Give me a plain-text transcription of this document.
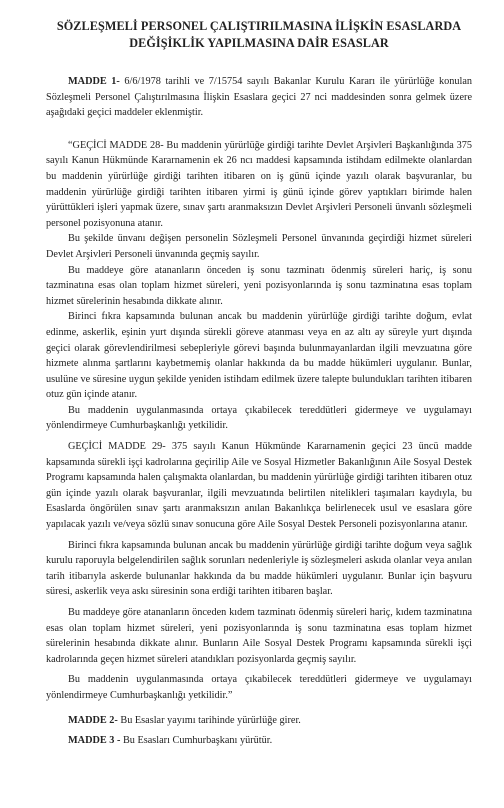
SÖZLEŞMELİ PERSONEL ÇALIŞTIRILMASINA İLİŞKİN ESASLARDA
DEĞİŞİKLİK YAPILMASINA DAİR ESASLAR

MADDE 1- 6/6/1978 tarihli ve 7/15754 sayılı Bakanlar Kurulu Kararı ile yürürlüğe konulan Sözleşmeli Personel Çalıştırılmasına İlişkin Esaslara geçici 27 nci maddesinden sonra gelmek üzere aşağıdaki geçici maddeler eklenmiştir.

“GEÇİCİ MADDE 28- Bu maddenin yürürlüğe girdiği tarihte Devlet Arşivleri Başkanlığında 375 sayılı Kanun Hükmünde Kararnamenin ek 26 ncı maddesi kapsamında istihdam edilmekte olanlardan bu maddenin yürürlüğe girdiği tarihten itibaren on iş günü içinde yazılı olarak başvuranlar, bu maddenin yürürlüğe girdiği tarihten itibaren yirmi iş günü içinde görev yaptıkları birimde halen yürüttükleri işleri yapmak üzere, sınav şartı aranmaksızın Devlet Arşivleri Personeli ünvanlı sözleşmeli personel pozisyonuna atanır.

Bu şekilde ünvanı değişen personelin Sözleşmeli Personel ünvanında geçirdiği hizmet süreleri Devlet Arşivleri Personeli ünvanında geçmiş sayılır.

Bu maddeye göre atananların önceden iş sonu tazminatı ödenmiş süreleri hariç, iş sonu tazminatına esas olan toplam hizmet süreleri, yeni pozisyonlarında iş sonu tazminatına esas toplam hizmet sürelerinin hesabında dikkate alınır.

Birinci fıkra kapsamında bulunan ancak bu maddenin yürürlüğe girdiği tarihte doğum, evlat edinme, askerlik, eşinin yurt dışında sürekli göreve atanması veya en az altı ay süreyle yurt dışında geçici olarak görevlendirilmesi sebepleriyle görevi başında bulunmayanlardan ilgili mevzuatına göre hizmete alınma şartlarını kaybetmemiş olanlar hakkında da bu madde hükümleri uygulanır. Bunlar, usulüne ve süresine uygun şekilde yeniden istihdam edilmek üzere talepte bulundukları tarihten itibaren otuz gün içinde atanır.

Bu maddenin uygulanmasında ortaya çıkabilecek tereddütleri gidermeye ve uygulamayı yönlendirmeye Cumhurbaşkanlığı yetkilidir.

GEÇİCİ MADDE 29- 375 sayılı Kanun Hükmünde Kararnamenin geçici 23 üncü madde kapsamında sürekli işçi kadrolarına geçirilip Aile ve Sosyal Hizmetler Bakanlığının Aile Sosyal Destek Programı kapsamında halen çalışmakta olanlardan, bu maddenin yürürlüğe girdiği tarihten itibaren otuz gün içinde yazılı olarak başvuranlar, ilgili mevzuatında belirtilen nitelikleri taşımaları kaydıyla, bu Esaslarda öngörülen sınav şartı aranmaksızın anılan Bakanlıkça belirlenecek usul ve esaslara göre yapılacak yazılı ve/veya sözlü sınav sonucuna göre Aile Sosyal Destek Personeli pozisyonlarına atanır.

Birinci fıkra kapsamında bulunan ancak bu maddenin yürürlüğe girdiği tarihte doğum veya sağlık kurulu raporuyla belgelendirilen sağlık sorunları nedenleriyle iş sözleşmeleri askıda olanlar veya anılan tarih itibarıyla askerde bulunanlar hakkında da bu madde hükümleri uygulanır. Bunlar için başvuru süresi, askerlik veya askı süresinin sona erdiği tarihten itibaren başlar.

Bu maddeye göre atananların önceden kıdem tazminatı ödenmiş süreleri hariç, kıdem tazminatına esas olan toplam hizmet süreleri, yeni pozisyonlarında iş sonu tazminatına esas toplam hizmet sürelerinin hesabında dikkate alınır. Bunların Aile Sosyal Destek Programı kapsamında sürekli işçi kadrolarında geçen hizmet süreleri atandıkları pozisyonlarda geçmiş sayılır.

Bu maddenin uygulanmasında ortaya çıkabilecek tereddütleri gidermeye ve uygulamayı yönlendirmeye Cumhurbaşkanlığı yetkilidir.”

MADDE 2- Bu Esaslar yayımı tarihinde yürürlüğe girer.

MADDE 3 - Bu Esasları Cumhurbaşkanı yürütür.
